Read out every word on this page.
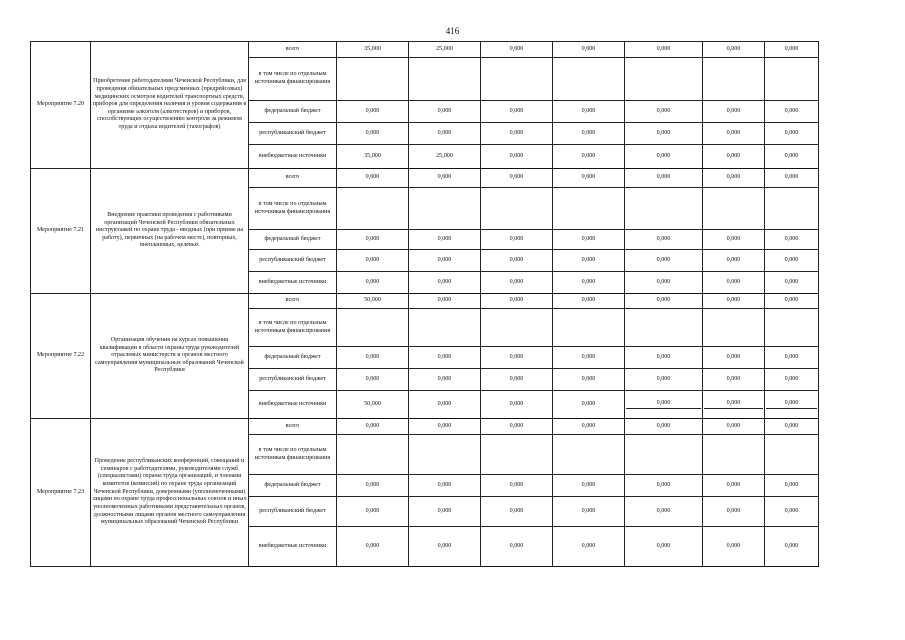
416
Мероприятие 7.20	Приобретение работодателями Чеченской Республики, для проведения обязательных предсменных (предрейсовых) медицинских осмотров водителей транспортных средств, приборов для определения наличия и уровня содержания в организме алкоголя (алкотестеров) и приборов, способствующих осуществлению контроля за режимом труда и отдыха водителей (тахографов)	всего	35,000	25,000	0,000	0,000	0,000	0,000	0,000
		в том числе по отдельным источникам финансирования							
		федеральный бюджет	0,000	0,000	0,000	0,000	0,000	0,000	0,000
		республиканский бюджет	0,000	0,000	0,000	0,000	0,000	0,000	0,000
		внебюджетные источники	35,000	25,000	0,000	0,000	0,000	0,000	0,000
Мероприятие 7.21	Внедрение практики проведения с работниками организаций Чеченской Республики обязательных инструктажей по охране труда - вводных (при приеме на работу), первичных (на рабочем месте), повторных, внеплановых, целевых	всего	0,000	0,000	0,000	0,000	0,000	0,000	0,000
		в том числе по отдельным источникам финансирования							
		федеральный бюджет	0,000	0,000	0,000	0,000	0,000	0,000	0,000
		республиканский бюджет	0,000	0,000	0,000	0,000	0,000	0,000	0,000
		внебюджетные источники	0,000	0,000	0,000	0,000	0,000	0,000	0,000
Мероприятие 7.22	Организация обучения на курсах повышения квалификации в области охраны труда руководителей отраслевых министерств и органов местного самоуправления муниципальных образований Чеченской Республики	всего	50,000	0,000	0,000	0,000	0,000	0,000	0,000
		в том числе по отдельным источникам финансирования							
		федеральный бюджет	0,000	0,000	0,000	0,000	0,000	0,000	0,000
		республиканский бюджет	0,000	0,000	0,000	0,000	0,000	0,000	0,000
		внебюджетные источники	50,000	0,000	0,000	0,000	0,000	0,000	0,000

Мероприятие 7.23	Проведение республиканских конференций, совещаний и семинаров с работодателями, руководителями служб (специалистами) охраны труда организаций, и членами комитетов (комиссий) по охране труда организаций Чеченской Республики, доверенными (уполномоченными) лицами по охране труда профессиональных союзов и иных уполномоченных работниками представительных органов, должностными лицами органов местного самоуправления муниципальных образований Чеченской Республики	всего	0,000	0,000	0,000	0,000	0,000	0,000	0,000
		в том числе по отдельным источникам финансирования							
		федеральный бюджет	0,000	0,000	0,000	0,000	0,000	0,000	0,000
		республиканский бюджет	0,000	0,000	0,000	0,000	0,000	0,000	0,000
		внебюджетные источники	0,000	0,000	0,000	0,000	0,000	0,000	0,000
